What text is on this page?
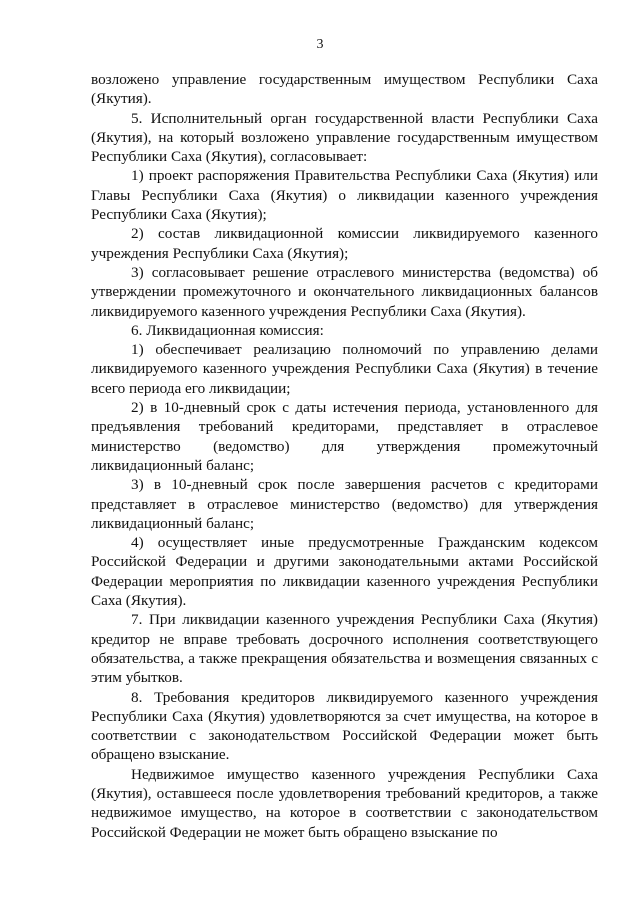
3

возложено управление государственным имуществом Республики Саха (Якутия).

5. Исполнительный орган государственной власти Республики Саха (Якутия), на который возложено управление государственным имуществом Республики Саха (Якутия), согласовывает:

1) проект распоряжения Правительства Республики Саха (Якутия) или Главы Республики Саха (Якутия) о ликвидации казенного учреждения Республики Саха (Якутия);

2) состав ликвидационной комиссии ликвидируемого казенного учреждения Республики Саха (Якутия);

3) согласовывает решение отраслевого министерства (ведомства) об утверждении промежуточного и окончательного ликвидационных балансов ликвидируемого казенного учреждения Республики Саха (Якутия).

6. Ликвидационная комиссия:

1) обеспечивает реализацию полномочий по управлению делами ликвидируемого казенного учреждения Республики Саха (Якутия) в течение всего периода его ликвидации;

2) в 10-дневный срок с даты истечения периода, установленного для предъявления требований кредиторами, представляет в отраслевое министерство (ведомство) для утверждения промежуточный ликвидационный баланс;

3) в 10-дневный срок после завершения расчетов с кредиторами представляет в отраслевое министерство (ведомство) для утверждения ликвидационный баланс;

4) осуществляет иные предусмотренные Гражданским кодексом Российской Федерации и другими законодательными актами Российской Федерации мероприятия по ликвидации казенного учреждения Республики Саха (Якутия).

7. При ликвидации казенного учреждения Республики Саха (Якутия) кредитор не вправе требовать досрочного исполнения соответствующего обязательства, а также прекращения обязательства и возмещения связанных с этим убытков.

8. Требования кредиторов ликвидируемого казенного учреждения Республики Саха (Якутия) удовлетворяются за счет имущества, на которое в соответствии с законодательством Российской Федерации может быть обращено взыскание.

Недвижимое имущество казенного учреждения Республики Саха (Якутия), оставшееся после удовлетворения требований кредиторов, а также недвижимое имущество, на которое в соответствии с законодательством Российской Федерации не может быть обращено взыскание по
